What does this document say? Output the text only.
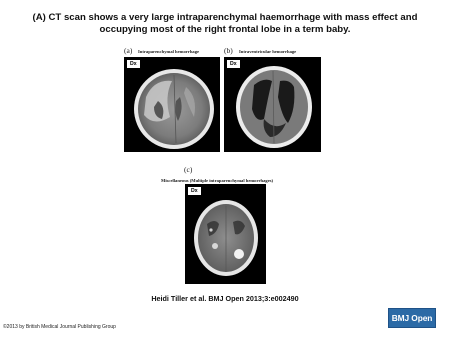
(A) CT scan shows a very large intraparenchymal haemorrhage with mass effect and occupying most of the right frontal lobe in a term baby.
(a) Intraparenchymal hemorrhage
Dx
(b) Intraventricular hemorrhage
Dx
(c)
Miscellaneous (Multiple intraparenchymal hemorrhages)
Dx
Heidi Tiller et al. BMJ Open 2013;3:e002490
©2013 by British Medical Journal Publishing Group
BMJ Open
